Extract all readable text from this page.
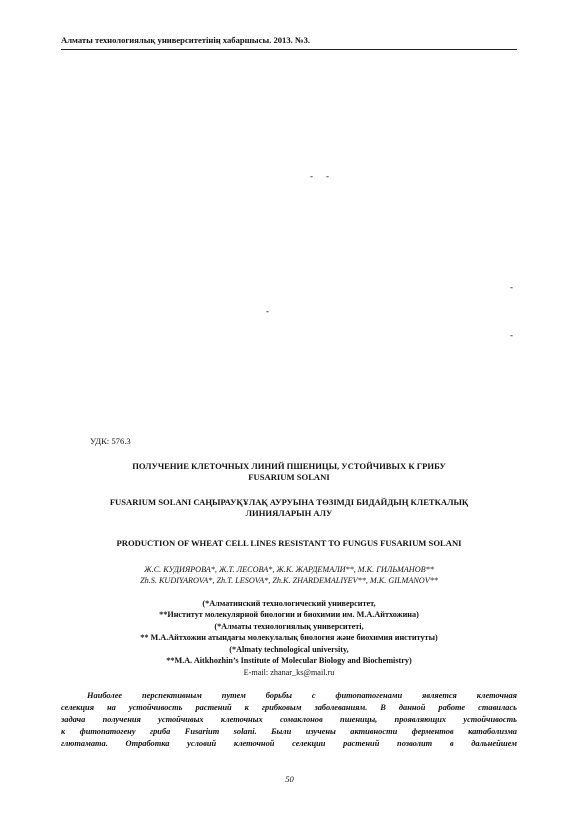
Алматы технологиялық университетінің хабаршысы. 2013. №3.
- -
-
-
-
УДК: 576.3
ПОЛУЧЕНИЕ КЛЕТОЧНЫХ ЛИНИЙ ПШЕНИЦЫ, УСТОЙЧИВЫХ К ГРИБУ
FUSARIUM SOLANI
FUSARIUM SOLANI САҢЫРАУҚҰЛАҚ АУРУЫНА ТӨЗІМДІ БИДАЙДЫҢ КЛЕТКАЛЫҚ
ЛИНИЯЛАРЫН АЛУ
PRODUCTION OF WHEAT CELL LINES RESISTANT TO FUNGUS FUSARIUM SOLANI
Ж.С. КУДИЯРОВА*, Ж.Т. ЛЕСОВА*, Ж.К. ЖАРДЕМАЛИ**, М.К. ГИЛЬМАНОВ**
Zh.S. KUDIYAROVA*, Zh.T. LESOVA*, Zh.K. ZHARDEMALIYEV**, M.K. GILMANOV**
(*Алматинский технологический университет,
**Институт молекулярной биологии и биохимии им. М.А.Айтхожина)
(*Алматы технологиялық университеті,
** М.А.Айтхожин атындағы молекулалық биология және биохимия институты)
(*Almaty technological university,
**M.A. Aitkhozhin’s Institute of Molecular Biology and Biochemistry)
E-mail: zhanar_ks@mail.ru
Наиболее перспективным путем борьбы с фитопатогенами является клеточная
селекция на устойчивость растений к грибковым заболеваниям. В данной работе ставилась
задача получения устойчивых клеточных сомаклонов пшеницы, проявляющих устойчивость
к фитопатогену гриба Fusarium solani. Были изучены активности ферментов катаболизма
глютамата. Отработка условий клеточной селекции растений позволит в дальнейшем
50
